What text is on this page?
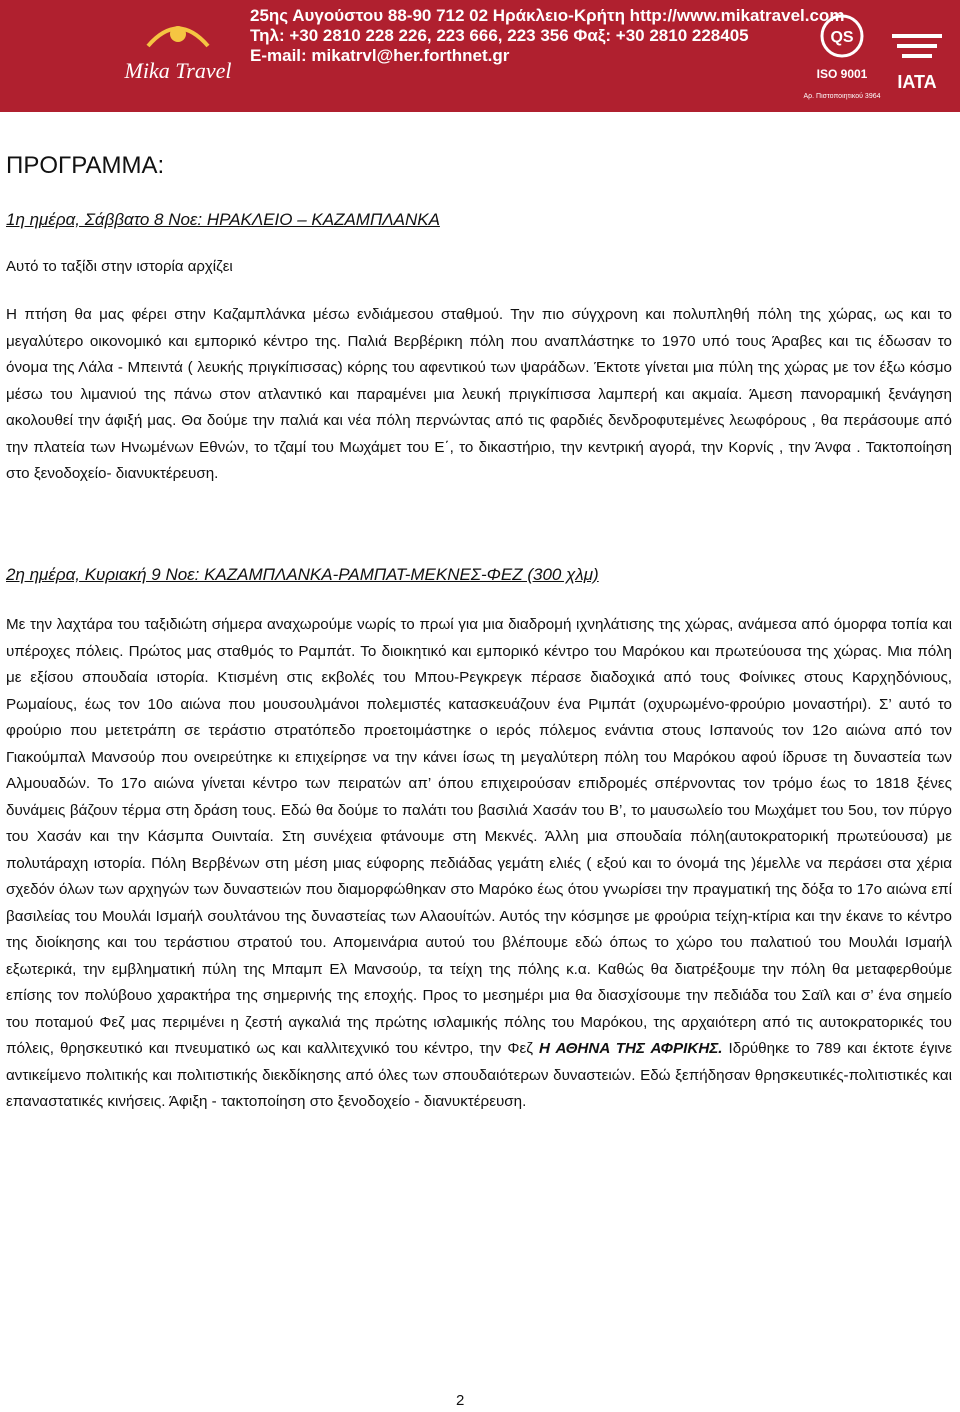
Mika Travel
25ης Αυγούστου 88-90 712 02 Ηράκλειο-Κρήτη http://www.mikatravel.com
Τηλ: +30 2810 228 226, 223 666, 223 356 Φαξ: +30 2810 228405
E-mail: mikatrvl@her.forthnet.gr
QS
ISO 9001
Αρ. Πιστοποιητικού 3964
IATA
ΠΡΟΓΡΑΜΜΑ:
1η ημέρα, Σάββατο 8 Νοε: ΗΡΑΚΛΕΙΟ – ΚΑΖΑΜΠΛΑΝΚΑ
Αυτό το ταξίδι στην ιστορία αρχίζει
Η πτήση θα μας φέρει στην Καζαμπλάνκα μέσω ενδιάμεσου σταθμού. Την πιο σύγχρονη και πολυπληθή πόλη της χώρας, ως και το μεγαλύτερο οικονομικό και εμπορικό κέντρο της. Παλιά Βερβέρικη πόλη που αναπλάστηκε το 1970 υπό τους Άραβες και τις έδωσαν το όνομα της Λάλα - Μπειντά ( λευκής πριγκίπισσας) κόρης του αφεντικού των ψαράδων. Έκτοτε γίνεται μια πύλη της χώρας με τον έξω κόσμο μέσω του λιμανιού της πάνω στον ατλαντικό και παραμένει μια λευκή πριγκίπισσα λαμπερή και ακμαία. Άμεση πανοραμική ξενάγηση ακολουθεί την άφιξή μας. Θα δούμε την παλιά και νέα πόλη περνώντας από τις φαρδιές δενδροφυτεμένες λεωφόρους , θα περάσουμε από την πλατεία των Ηνωμένων Εθνών, το τζαμί του Μωχάμετ του Ε΄, το δικαστήριο, την κεντρική αγορά, την Κορνίς , την Άνφα . Τακτοποίηση στο ξενοδοχείο- διανυκτέρευση.
2η ημέρα, Κυριακή 9 Νοε: ΚΑΖΑΜΠΛΑΝΚΑ-ΡΑΜΠΑΤ-ΜΕΚΝΕΣ-ΦΕΖ (300 χλμ)
Με την λαχτάρα του ταξιδιώτη σήμερα αναχωρούμε νωρίς το πρωί για μια διαδρομή ιχνηλάτισης της χώρας, ανάμεσα από όμορφα τοπία και υπέροχες πόλεις. Πρώτος μας σταθμός το Ραμπάτ. Το διοικητικό και εμπορικό κέντρο του Μαρόκου και πρωτεύουσα της χώρας. Μια πόλη με εξίσου σπουδαία ιστορία. Κτισμένη στις εκβολές του Μπου-Ρεγκρεγκ πέρασε διαδοχικά από τους Φοίνικες στους Καρχηδόνιους, Ρωμαίους, έως τον 10ο αιώνα που μουσουλμάνοι πολεμιστές κατασκευάζουν ένα Ριμπάτ (οχυρωμένο-φρούριο μοναστήρι). Σ’ αυτό το φρούριο που μετετράπη σε τεράστιο στρατόπεδο προετοιμάστηκε ο ιερός πόλεμος ενάντια στους Ισπανούς τον 12ο αιώνα από τον Γιακούμπαλ Μανσούρ που ονειρεύτηκε κι επιχείρησε να την κάνει ίσως τη μεγαλύτερη πόλη του Μαρόκου αφού ίδρυσε τη δυναστεία των Αλμουαδών. Το 17ο αιώνα γίνεται κέντρο των πειρατών απ’ όπου επιχειρούσαν επιδρομές σπέρνοντας τον τρόμο έως το 1818 ξένες δυνάμεις βάζουν τέρμα στη δράση τους. Εδώ θα δούμε το παλάτι του βασιλιά Χασάν του Β’, το μαυσωλείο του Μωχάμετ του 5ου, τον πύργο του Χασάν και την Κάσμπα Ουινταία. Στη συνέχεια φτάνουμε στη Μεκνές. Άλλη μια σπουδαία πόλη(αυτοκρατορική πρωτεύουσα) με πολυτάραχη ιστορία. Πόλη Βερβένων στη μέση μιας εύφορης πεδιάδας γεμάτη ελιές ( εξού και το όνομά της )έμελλε να περάσει στα χέρια σχεδόν όλων των αρχηγών των δυναστειών που διαμορφώθηκαν στο Μαρόκο έως ότου γνωρίσει την πραγματική της δόξα το 17ο αιώνα επί βασιλείας του Μουλάι Ισμαήλ σουλτάνου της δυναστείας των Αλαουίτών. Αυτός την κόσμησε με φρούρια τείχη-κτίρια και την έκανε το κέντρο της διοίκησης και του τεράστιου στρατού του. Απομεινάρια αυτού του βλέπουμε εδώ όπως το χώρο του παλατιού του Μουλάι Ισμαήλ εξωτερικά, την εμβληματική πύλη της Μπαμπ Ελ Μανσούρ, τα τείχη της πόλης κ.α. Καθώς θα διατρέξουμε την πόλη θα μεταφερθούμε επίσης τον πολύβουο χαρακτήρα της σημερινής της εποχής. Προς το μεσημέρι μια θα διασχίσουμε την πεδιάδα του Σαϊλ και σ’ ένα σημείο του ποταμού Φεζ μας περιμένει η ζεστή αγκαλιά της πρώτης ισλαμικής πόλης του Μαρόκου, της αρχαιότερη από τις αυτοκρατορικές του πόλεις, θρησκευτικό και πνευματικό ως και καλλιτεχνικό του κέντρο, την Φεζ Η ΑΘΗΝΑ ΤΗΣ ΑΦΡΙΚΗΣ. Ιδρύθηκε το 789 και έκτοτε έγινε αντικείμενο πολιτικής και πολιτιστικής διεκδίκησης από όλες των σπουδαιότερων δυναστειών. Εδώ ξεπήδησαν θρησκευτικές-πολιτιστικές και επαναστατικές κινήσεις. Άφιξη - τακτοποίηση στο ξενοδοχείο - διανυκτέρευση.
2
